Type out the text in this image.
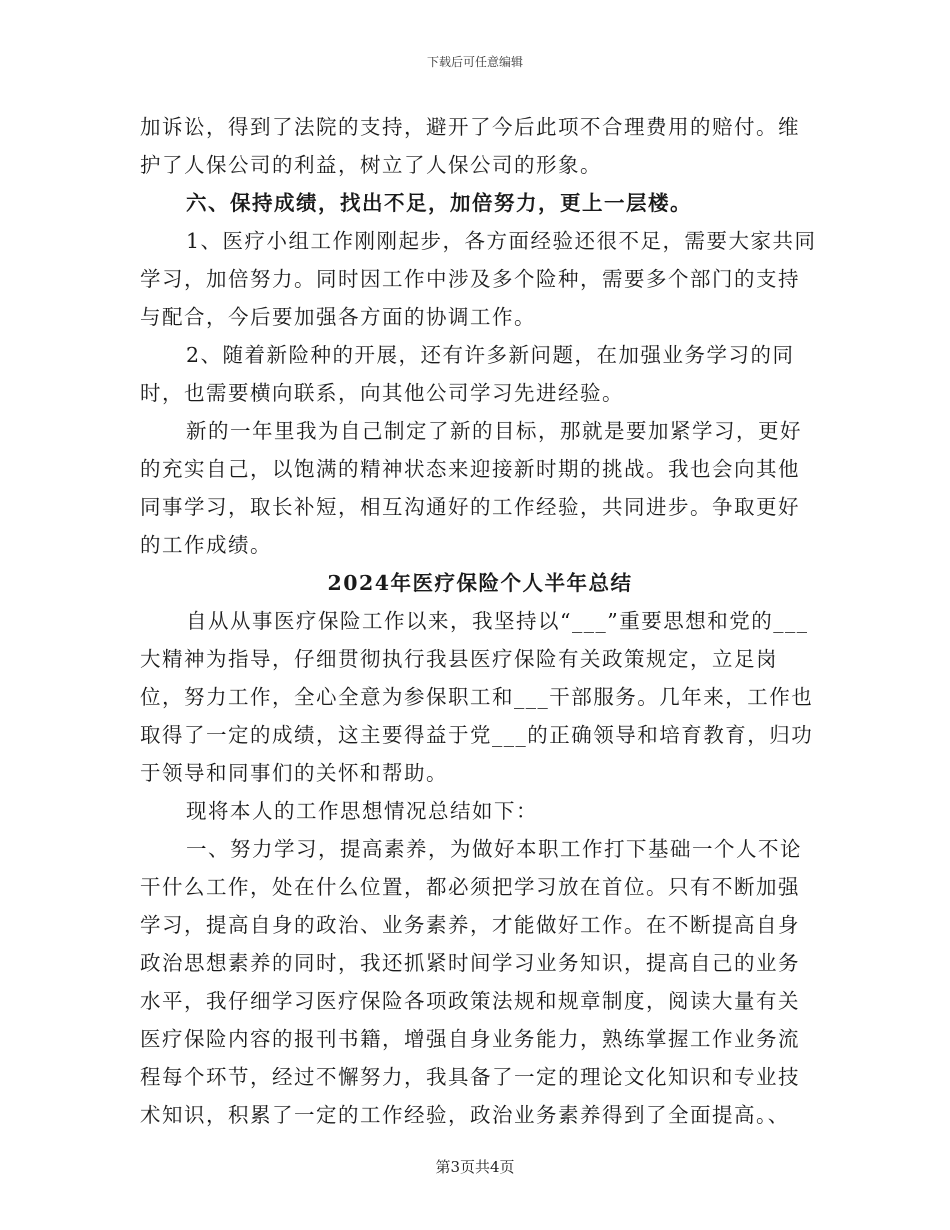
下载后可任意编辑

加诉讼，得到了法院的支持，避开了今后此项不合理费用的赔付。维护了人保公司的利益，树立了人保公司的形象。

六、保持成绩，找出不足，加倍努力，更上一层楼。

1、医疗小组工作刚刚起步，各方面经验还很不足，需要大家共同学习，加倍努力。同时因工作中涉及多个险种，需要多个部门的支持与配合，今后要加强各方面的协调工作。

2、随着新险种的开展，还有许多新问题，在加强业务学习的同时，也需要横向联系，向其他公司学习先进经验。

新的一年里我为自己制定了新的目标，那就是要加紧学习，更好的充实自己，以饱满的精神状态来迎接新时期的挑战。我也会向其他同事学习，取长补短，相互沟通好的工作经验，共同进步。争取更好的工作成绩。

2024年医疗保险个人半年总结

自从从事医疗保险工作以来，我坚持以“___”重要思想和党的___大精神为指导，仔细贯彻执行我县医疗保险有关政策规定，立足岗位，努力工作，全心全意为参保职工和___干部服务。几年来，工作也取得了一定的成绩，这主要得益于党___的正确领导和培育教育，归功于领导和同事们的关怀和帮助。

现将本人的工作思想情况总结如下：

一、努力学习，提高素养，为做好本职工作打下基础一个人不论干什么工作，处在什么位置，都必须把学习放在首位。只有不断加强学习，提高自身的政治、业务素养，才能做好工作。在不断提高自身政治思想素养的同时，我还抓紧时间学习业务知识，提高自己的业务水平，我仔细学习医疗保险各项政策法规和规章制度，阅读大量有关医疗保险内容的报刊书籍，增强自身业务能力，熟练掌握工作业务流程每个环节，经过不懈努力，我具备了一定的理论文化知识和专业技术知识，积累了一定的工作经验，政治业务素养得到了全面提高。、

第3页共4页
